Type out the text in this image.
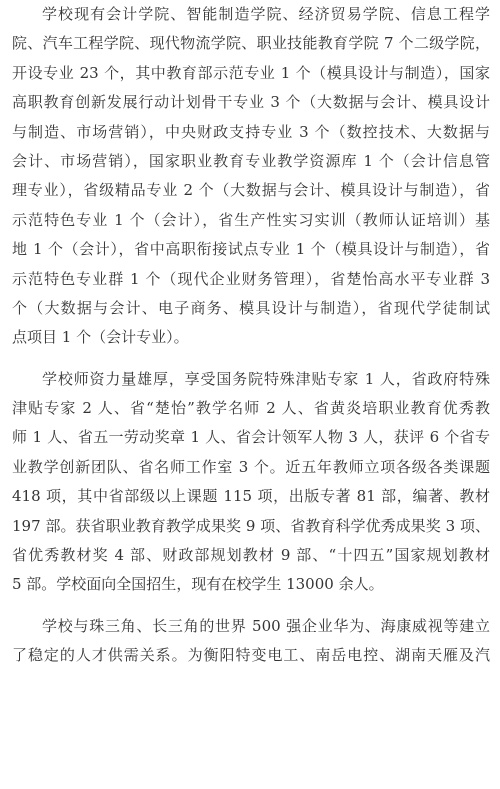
学校现有会计学院、智能制造学院、经济贸易学院、信息工程学
院、汽车工程学院、现代物流学院、职业技能教育学院 7 个二级学院，
开设专业 23 个，其中教育部示范专业 1 个（模具设计与制造），国家
高职教育创新发展行动计划骨干专业 3 个（大数据与会计、模具设计
与制造、市场营销），中央财政支持专业 3 个（数控技术、大数据与
会计、市场营销），国家职业教育专业教学资源库 1 个（会计信息管
理专业），省级精品专业 2 个（大数据与会计、模具设计与制造），省
示范特色专业 1 个（会计），省生产性实习实训（教师认证培训）基
地 1 个（会计），省中高职衔接试点专业 1 个（模具设计与制造），省
示范特色专业群 1 个（现代企业财务管理），省楚怡高水平专业群 3
个（大数据与会计、电子商务、模具设计与制造），省现代学徒制试
点项目 1 个（会计专业）。
学校师资力量雄厚，享受国务院特殊津贴专家 1 人，省政府特殊
津贴专家 2 人、省“楚怡”教学名师 2 人、省黄炎培职业教育优秀教
师 1 人、省五一劳动奖章 1 人、省会计领军人物 3 人，获评 6 个省专
业教学创新团队、省名师工作室 3 个。近五年教师立项各级各类课题
418 项，其中省部级以上课题 115 项，出版专著 81 部，编著、教材
197 部。获省职业教育教学成果奖 9 项、省教育科学优秀成果奖 3 项、
省优秀教材奖 4 部、财政部规划教材 9 部、“十四五”国家规划教材
5 部。学校面向全国招生，现有在校学生 13000 余人。
学校与珠三角、长三角的世界 500 强企业华为、海康威视等建立
了稳定的人才供需关系。为衡阳特变电工、南岳电控、湖南天雁及汽
